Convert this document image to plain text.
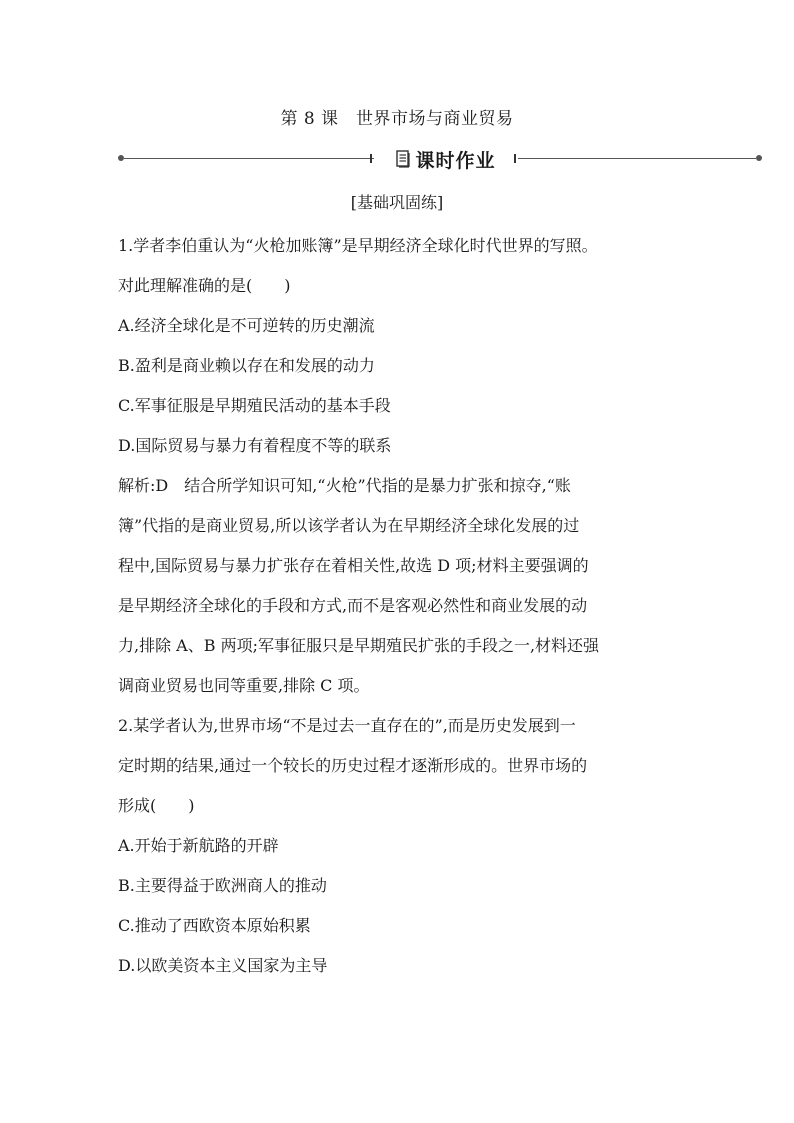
第 8 课　世界市场与商业贸易
课时作业
[基础巩固练]

1.学者李伯重认为“火枪加账簿”是早期经济全球化时代世界的写照。

对此理解准确的是(　　)

A.经济全球化是不可逆转的历史潮流

B.盈利是商业赖以存在和发展的动力

C.军事征服是早期殖民活动的基本手段

D.国际贸易与暴力有着程度不等的联系

解析:D　结合所学知识可知,“火枪”代指的是暴力扩张和掠夺,“账

簿”代指的是商业贸易,所以该学者认为在早期经济全球化发展的过

程中,国际贸易与暴力扩张存在着相关性,故选 D 项;材料主要强调的

是早期经济全球化的手段和方式,而不是客观必然性和商业发展的动

力,排除 A、B 两项;军事征服只是早期殖民扩张的手段之一,材料还强

调商业贸易也同等重要,排除 C 项。

2.某学者认为,世界市场“不是过去一直存在的”,而是历史发展到一

定时期的结果,通过一个较长的历史过程才逐渐形成的。世界市场的

形成(　　)

A.开始于新航路的开辟

B.主要得益于欧洲商人的推动

C.推动了西欧资本原始积累

D.以欧美资本主义国家为主导
